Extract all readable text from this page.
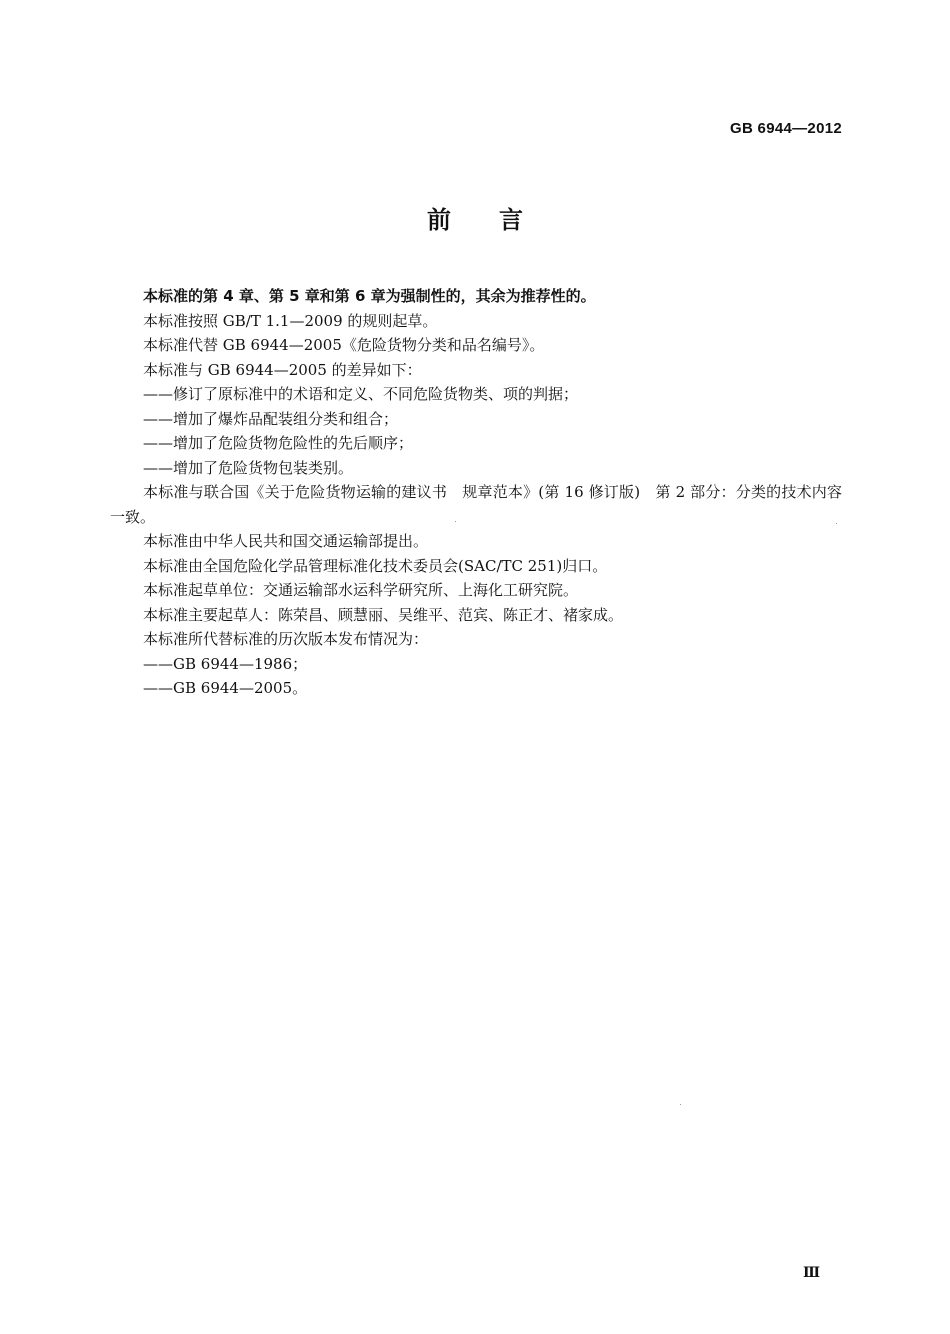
GB 6944—2012
前言

本标准的第 4 章、第 5 章和第 6 章为强制性的，其余为推荐性的。

本标准按照 GB/T 1.1—2009 的规则起草。

本标准代替 GB 6944—2005《危险货物分类和品名编号》。

本标准与 GB 6944—2005 的差异如下：

——修订了原标准中的术语和定义、不同危险货物类、项的判据；

——增加了爆炸品配装组分类和组合；

——增加了危险货物危险性的先后顺序；

——增加了危险货物包装类别。

本标准与联合国《关于危险货物运输的建议书　规章范本》(第 16 修订版)　第 2 部分：分类的技术内容一致。

本标准由中华人民共和国交通运输部提出。

本标准由全国危险化学品管理标准化技术委员会(SAC/TC 251)归口。

本标准起草单位：交通运输部水运科学研究所、上海化工研究院。

本标准主要起草人：陈荣昌、顾慧丽、吴维平、范宾、陈正才、褚家成。

本标准所代替标准的历次版本发布情况为：

——GB 6944—1986；

——GB 6944—2005。

Ⅲ
